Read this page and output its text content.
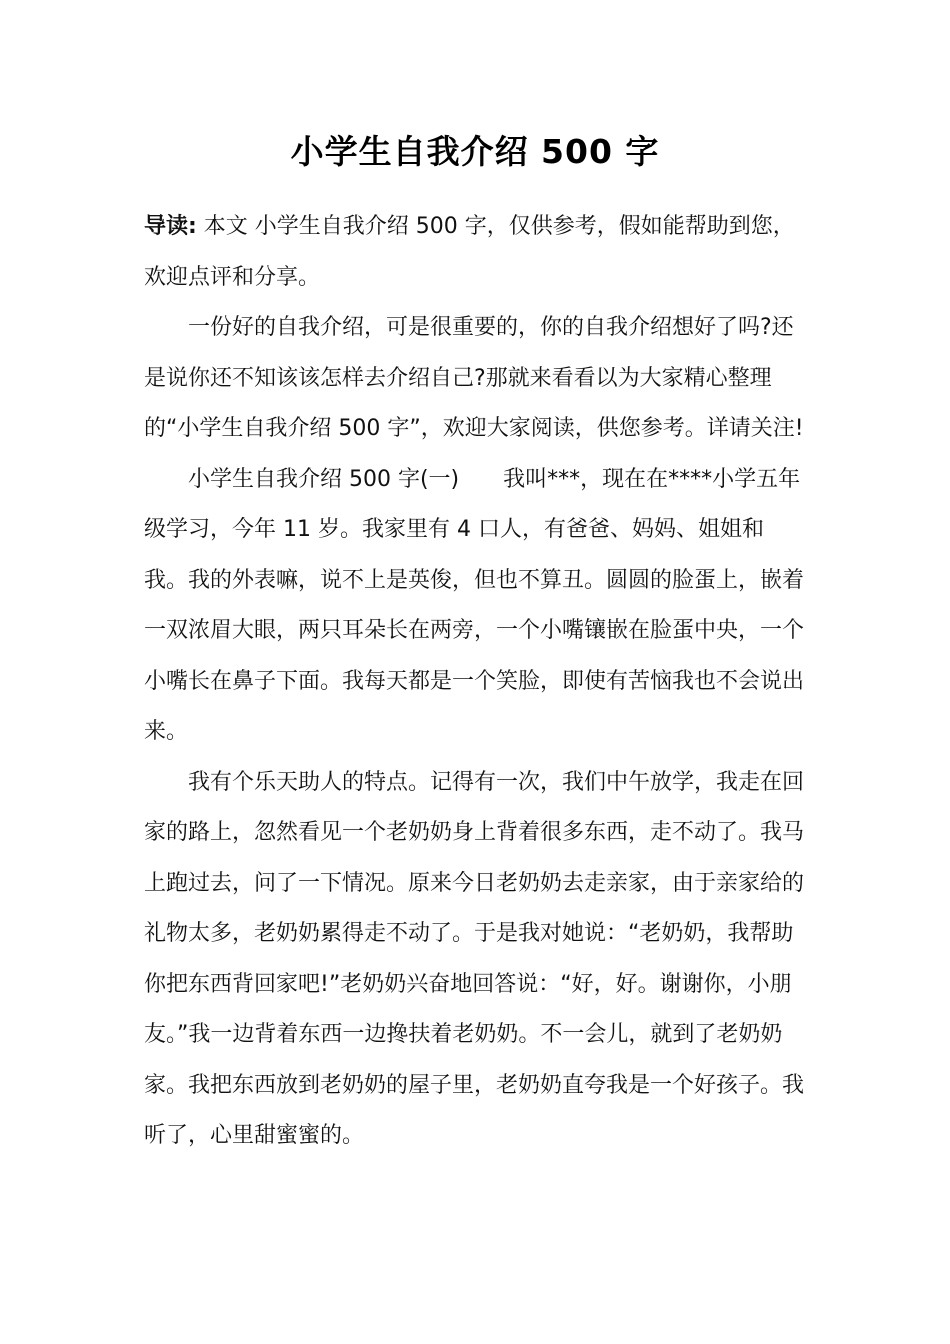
小学生自我介绍 500 字

导读: 本文 小学生自我介绍 500 字，仅供参考，假如能帮助到您，欢迎点评和分享。

一份好的自我介绍，可是很重要的，你的自我介绍想好了吗?还是说你还不知该该怎样去介绍自己?那就来看看以为大家精心整理的“小学生自我介绍 500 字”，欢迎大家阅读，供您参考。详请关注!

小学生自我介绍 500 字(一) 我叫***，现在在****小学五年级学习，今年 11 岁。我家里有 4 口人，有爸爸、妈妈、姐姐和我。我的外表嘛，说不上是英俊，但也不算丑。圆圆的脸蛋上，嵌着一双浓眉大眼，两只耳朵长在两旁，一个小嘴镶嵌在脸蛋中央，一个小嘴长在鼻子下面。我每天都是一个笑脸，即使有苦恼我也不会说出来。

我有个乐天助人的特点。记得有一次，我们中午放学，我走在回家的路上，忽然看见一个老奶奶身上背着很多东西，走不动了。我马上跑过去，问了一下情况。原来今日老奶奶去走亲家，由于亲家给的礼物太多，老奶奶累得走不动了。于是我对她说：“老奶奶，我帮助你把东西背回家吧!”老奶奶兴奋地回答说：“好，好。谢谢你，小朋友。”我一边背着东西一边搀扶着老奶奶。不一会儿，就到了老奶奶家。我把东西放到老奶奶的屋子里，老奶奶直夸我是一个好孩子。我听了，心里甜蜜蜜的。
